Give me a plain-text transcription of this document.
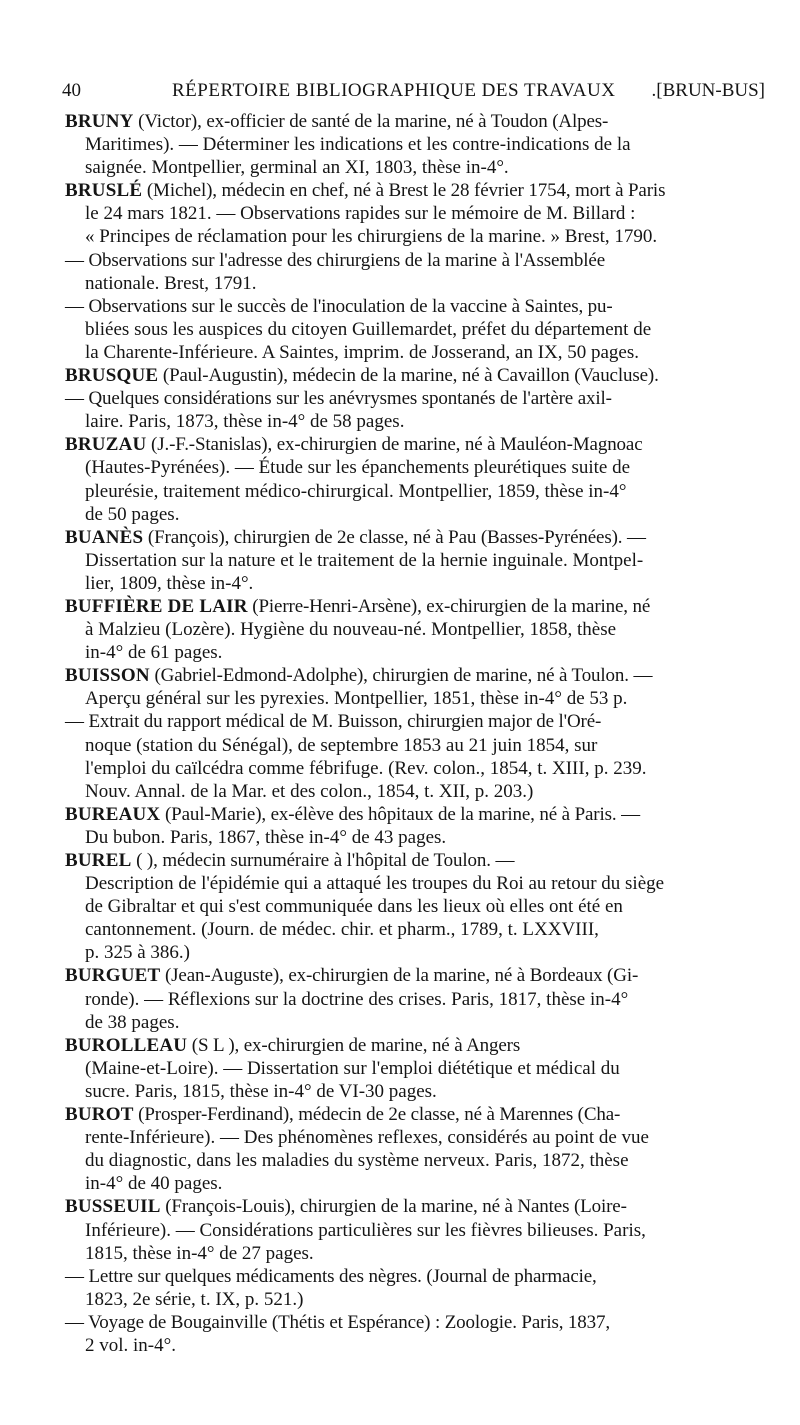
40	RÉPERTOIRE BIBLIOGRAPHIQUE DES TRAVAUX .[BRUN-BUS]
BRUNY (Victor), ex-officier de santé de la marine, né à Toudon (Alpes-
Maritimes). — Déterminer les indications et les contre-indications de la
saignée. Montpellier, germinal an XI, 1803, thèse in-4°.
BRUSLÉ (Michel), médecin en chef, né à Brest le 28 février 1754, mort à Paris
le 24 mars 1821. — Observations rapides sur le mémoire de M. Billard :
« Principes de réclamation pour les chirurgiens de la marine. » Brest, 1790.
— Observations sur l'adresse des chirurgiens de la marine à l'Assemblée
nationale. Brest, 1791.
— Observations sur le succès de l'inoculation de la vaccine à Saintes, pu-
bliées sous les auspices du citoyen Guillemardet, préfet du département de
la Charente-Inférieure. A Saintes, imprim. de Josserand, an IX, 50 pages.
BRUSQUE (Paul-Augustin), médecin de la marine, né à Cavaillon (Vaucluse).
— Quelques considérations sur les anévrysmes spontanés de l'artère axil-
laire. Paris, 1873, thèse in-4° de 58 pages.
BRUZAU (J.-F.-Stanislas), ex-chirurgien de marine, né à Mauléon-Magnoac
(Hautes-Pyrénées). — Étude sur les épanchements pleurétiques suite de
pleurésie, traitement médico-chirurgical. Montpellier, 1859, thèse in-4°
de 50 pages.
BUANÈS (François), chirurgien de 2e classe, né à Pau (Basses-Pyrénées). —
Dissertation sur la nature et le traitement de la hernie inguinale. Montpel-
lier, 1809, thèse in-4°.
BUFFIÈRE DE LAIR (Pierre-Henri-Arsène), ex-chirurgien de la marine, né
à Malzieu (Lozère). Hygiène du nouveau-né. Montpellier, 1858, thèse
in-4° de 61 pages.
BUISSON (Gabriel-Edmond-Adolphe), chirurgien de marine, né à Toulon. —
Aperçu général sur les pyrexies. Montpellier, 1851, thèse in-4° de 53 p.
— Extrait du rapport médical de M. Buisson, chirurgien major de l'Oré-
noque (station du Sénégal), de septembre 1853 au 21 juin 1854, sur
l'emploi du caïlcédra comme fébrifuge. (Rev. colon., 1854, t. XIII, p. 239.
Nouv. Annal. de la Mar. et des colon., 1854, t. XII, p. 203.)
BUREAUX (Paul-Marie), ex-élève des hôpitaux de la marine, né à Paris. —
Du bubon. Paris, 1867, thèse in-4° de 43 pages.
BUREL ( ), médecin surnuméraire à l'hôpital de Toulon. —
Description de l'épidémie qui a attaqué les troupes du Roi au retour du siège
de Gibraltar et qui s'est communiquée dans les lieux où elles ont été en
cantonnement. (Journ. de médec. chir. et pharm., 1789, t. LXXVIII,
p. 325 à 386.)
BURGUET (Jean-Auguste), ex-chirurgien de la marine, né à Bordeaux (Gi-
ronde). — Réflexions sur la doctrine des crises. Paris, 1817, thèse in-4°
de 38 pages.
BUROLLEAU (S L ), ex-chirurgien de marine, né à Angers
(Maine-et-Loire). — Dissertation sur l'emploi diététique et médical du
sucre. Paris, 1815, thèse in-4° de VI-30 pages.
BUROT (Prosper-Ferdinand), médecin de 2e classe, né à Marennes (Cha-
rente-Inférieure). — Des phénomènes reflexes, considérés au point de vue
du diagnostic, dans les maladies du système nerveux. Paris, 1872, thèse
in-4° de 40 pages.
BUSSEUIL (François-Louis), chirurgien de la marine, né à Nantes (Loire-
Inférieure). — Considérations particulières sur les fièvres bilieuses. Paris,
1815, thèse in-4° de 27 pages.
— Lettre sur quelques médicaments des nègres. (Journal de pharmacie,
1823, 2e série, t. IX, p. 521.)
— Voyage de Bougainville (Thétis et Espérance) : Zoologie. Paris, 1837,
2 vol. in-4°.
